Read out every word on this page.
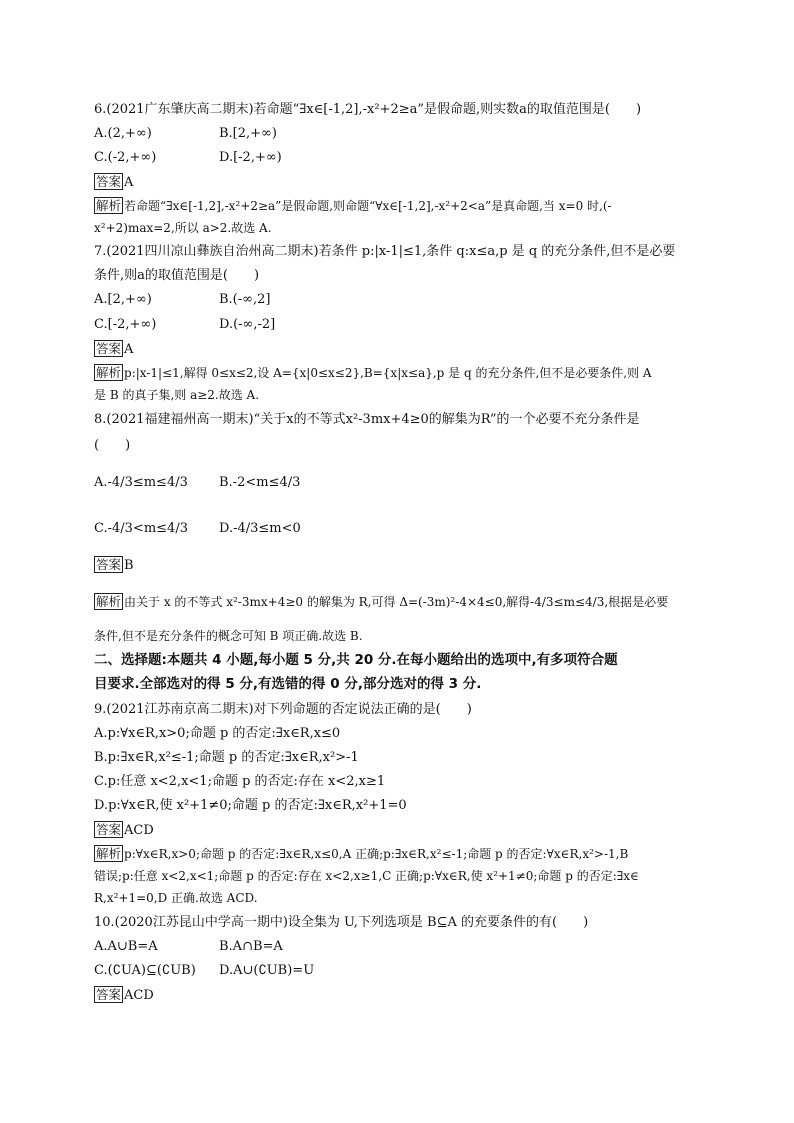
6.(2021广东肇庆高二期末)若命题“∃x∈[-1,2],-x²+2≥a”是假命题,则实数a的取值范围是(　　)
A.(2,+∞)	B.[2,+∞)
C.(-2,+∞)	D.[-2,+∞)
答案 A
解析 若命题“∃x∈[-1,2],-x²+2≥a”是假命题,则命题“∀x∈[-1,2],-x²+2<a”是真命题,当 x=0 时,(-
x²+2)max=2,所以 a>2.故选 A.
7.(2021四川凉山彝族自治州高二期末)若条件 p:|x-1|≤1,条件 q:x≤a,p 是 q 的充分条件,但不是必要
条件,则a的取值范围是(　　)
A.[2,+∞)	B.(-∞,2]
C.[-2,+∞)	D.(-∞,-2]
答案 A
解析 p:|x-1|≤1,解得 0≤x≤2,设 A={x|0≤x≤2},B={x|x≤a},p 是 q 的充分条件,但不是必要条件,则 A
是 B 的真子集,则 a≥2.故选 A.
8.(2021福建福州高一期末)“关于x的不等式x²-3mx+4≥0的解集为R”的一个必要不充分条件是
(　　)
A.-4/3≤m≤4/3 B.-2<m≤4/3
C.-4/3<m≤4/3 D.-4/3≤m<0
答案 B
解析 由关于 x 的不等式 x²-3mx+4≥0 的解集为 R,可得 Δ=(-3m)²-4×4≤0,解得-4/3≤m≤4/3,根据是必要
条件,但不是充分条件的概念可知 B 项正确.故选 B.
二、选择题:本题共 4 小题,每小题 5 分,共 20 分.在每小题给出的选项中,有多项符合题
目要求.全部选对的得 5 分,有选错的得 0 分,部分选对的得 3 分.
9.(2021江苏南京高二期末)对下列命题的否定说法正确的是(　　)
A.p:∀x∈R,x>0;命题 p 的否定:∃x∈R,x≤0
B.p:∃x∈R,x²≤-1;命题 p 的否定:∃x∈R,x²>-1
C.p:任意 x<2,x<1;命题 p 的否定:存在 x<2,x≥1
D.p:∀x∈R,使 x²+1≠0;命题 p 的否定:∃x∈R,x²+1=0
答案 ACD
解析 p:∀x∈R,x>0;命题 p 的否定:∃x∈R,x≤0,A 正确;p:∃x∈R,x²≤-1;命题 p 的否定:∀x∈R,x²>-1,B
错误;p:任意 x<2,x<1;命题 p 的否定:存在 x<2,x≥1,C 正确;p:∀x∈R,使 x²+1≠0;命题 p 的否定:∃x∈
R,x²+1=0,D 正确.故选 ACD.
10.(2020江苏昆山中学高一期中)设全集为 U,下列选项是 B⊆A 的充要条件的有(　　)
A.A∪B=A	B.A∩B=A
C.(∁UA)⊆(∁UB) D.A∪(∁UB)=U
答案 ACD
